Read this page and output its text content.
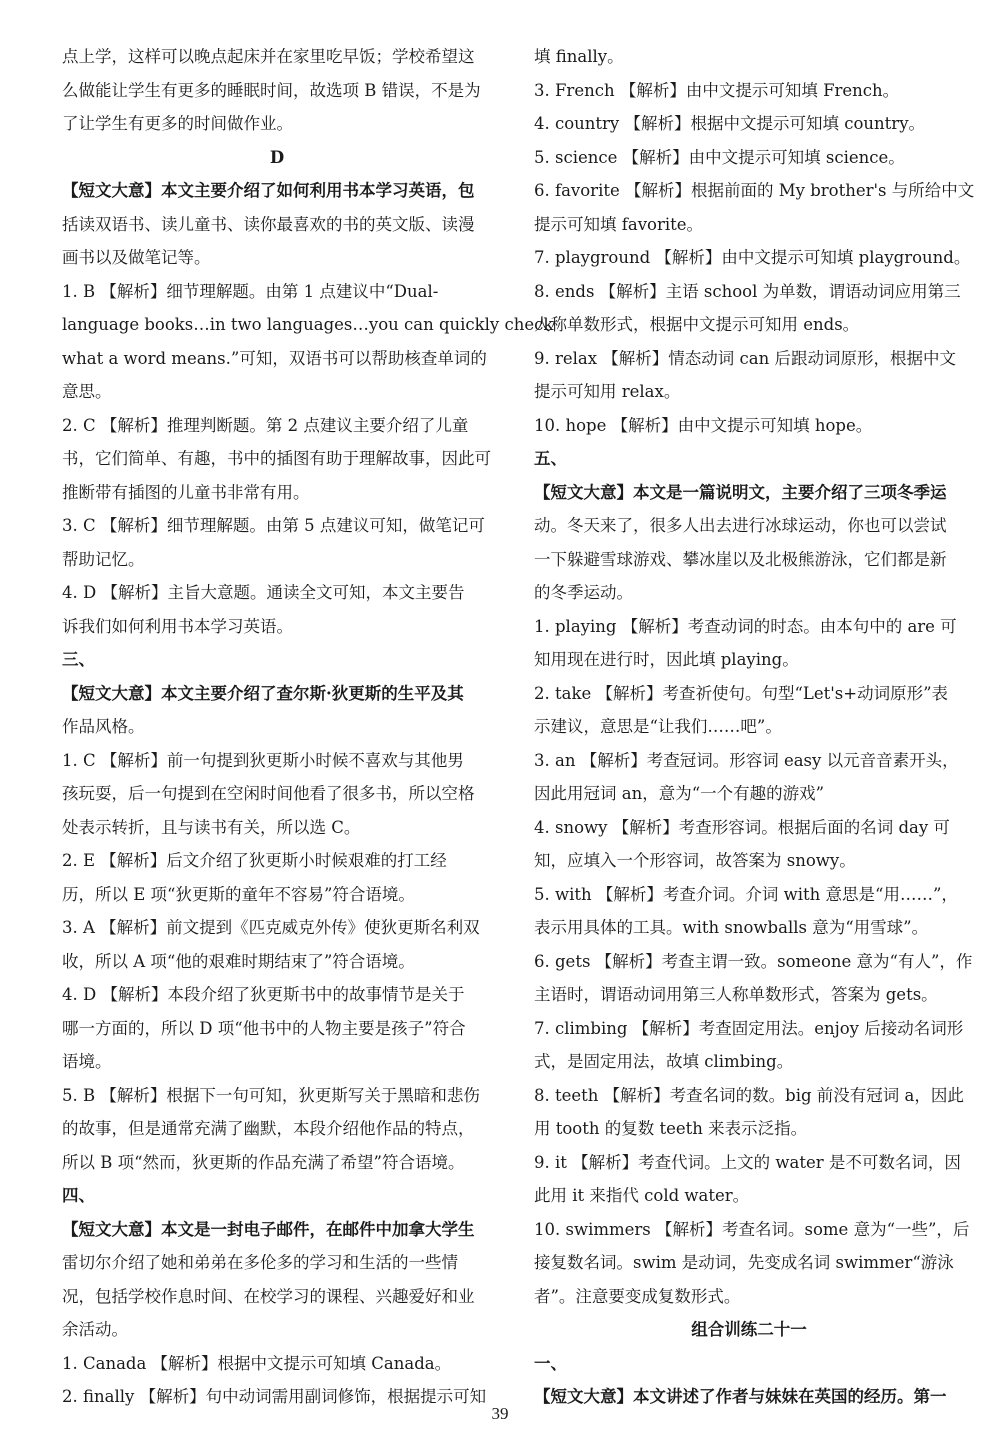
点上学，这样可以晚点起床并在家里吃早饭；学校希望这
么做能让学生有更多的睡眠时间，故选项 B 错误，不是为
了让学生有更多的时间做作业。
D
【短文大意】本文主要介绍了如何利用书本学习英语，包
括读双语书、读儿童书、读你最喜欢的书的英文版、读漫
画书以及做笔记等。
1. B 【解析】细节理解题。由第 1 点建议中“Dual-
language books…in two languages…you can quickly check
what a word means.”可知，双语书可以帮助核查单词的
意思。
2. C 【解析】推理判断题。第 2 点建议主要介绍了儿童
书，它们简单、有趣，书中的插图有助于理解故事，因此可
推断带有插图的儿童书非常有用。
3. C 【解析】细节理解题。由第 5 点建议可知，做笔记可
帮助记忆。
4. D 【解析】主旨大意题。通读全文可知，本文主要告
诉我们如何利用书本学习英语。
三、
【短文大意】本文主要介绍了查尔斯·狄更斯的生平及其
作品风格。
1. C 【解析】前一句提到狄更斯小时候不喜欢与其他男
孩玩耍，后一句提到在空闲时间他看了很多书，所以空格
处表示转折，且与读书有关，所以选 C。
2. E 【解析】后文介绍了狄更斯小时候艰难的打工经
历，所以 E 项“狄更斯的童年不容易”符合语境。
3. A 【解析】前文提到《匹克威克外传》使狄更斯名利双
收，所以 A 项“他的艰难时期结束了”符合语境。
4. D 【解析】本段介绍了狄更斯书中的故事情节是关于
哪一方面的，所以 D 项“他书中的人物主要是孩子”符合
语境。
5. B 【解析】根据下一句可知，狄更斯写关于黑暗和悲伤
的故事，但是通常充满了幽默，本段介绍他作品的特点，
所以 B 项“然而，狄更斯的作品充满了希望”符合语境。
四、
【短文大意】本文是一封电子邮件，在邮件中加拿大学生
雷切尔介绍了她和弟弟在多伦多的学习和生活的一些情
况，包括学校作息时间、在校学习的课程、兴趣爱好和业
余活动。
1. Canada 【解析】根据中文提示可知填 Canada。
2. finally 【解析】句中动词需用副词修饰，根据提示可知
填 finally。
3. French 【解析】由中文提示可知填 French。
4. country 【解析】根据中文提示可知填 country。
5. science 【解析】由中文提示可知填 science。
6. favorite 【解析】根据前面的 My brother's 与所给中文
提示可知填 favorite。
7. playground 【解析】由中文提示可知填 playground。
8. ends 【解析】主语 school 为单数，谓语动词应用第三
人称单数形式，根据中文提示可知用 ends。
9. relax 【解析】情态动词 can 后跟动词原形，根据中文
提示可知用 relax。
10. hope 【解析】由中文提示可知填 hope。
五、
【短文大意】本文是一篇说明文，主要介绍了三项冬季运
动。冬天来了，很多人出去进行冰球运动，你也可以尝试
一下躲避雪球游戏、攀冰崖以及北极熊游泳，它们都是新
的冬季运动。
1. playing 【解析】考查动词的时态。由本句中的 are 可
知用现在进行时，因此填 playing。
2. take 【解析】考查祈使句。句型“Let's+动词原形”表
示建议，意思是“让我们……吧”。
3. an 【解析】考查冠词。形容词 easy 以元音音素开头，
因此用冠词 an，意为“一个有趣的游戏”
4. snowy 【解析】考查形容词。根据后面的名词 day 可
知，应填入一个形容词，故答案为 snowy。
5. with 【解析】考查介词。介词 with 意思是“用……”，
表示用具体的工具。with snowballs 意为“用雪球”。
6. gets 【解析】考查主谓一致。someone 意为“有人”，作
主语时，谓语动词用第三人称单数形式，答案为 gets。
7. climbing 【解析】考查固定用法。enjoy 后接动名词形
式，是固定用法，故填 climbing。
8. teeth 【解析】考查名词的数。big 前没有冠词 a，因此
用 tooth 的复数 teeth 来表示泛指。
9. it 【解析】考查代词。上文的 water 是不可数名词，因
此用 it 来指代 cold water。
10. swimmers 【解析】考查名词。some 意为“一些”，后
接复数名词。swim 是动词，先变成名词 swimmer“游泳
者”。注意要变成复数形式。
组合训练二十一
一、
【短文大意】本文讲述了作者与妹妹在英国的经历。第一
39
